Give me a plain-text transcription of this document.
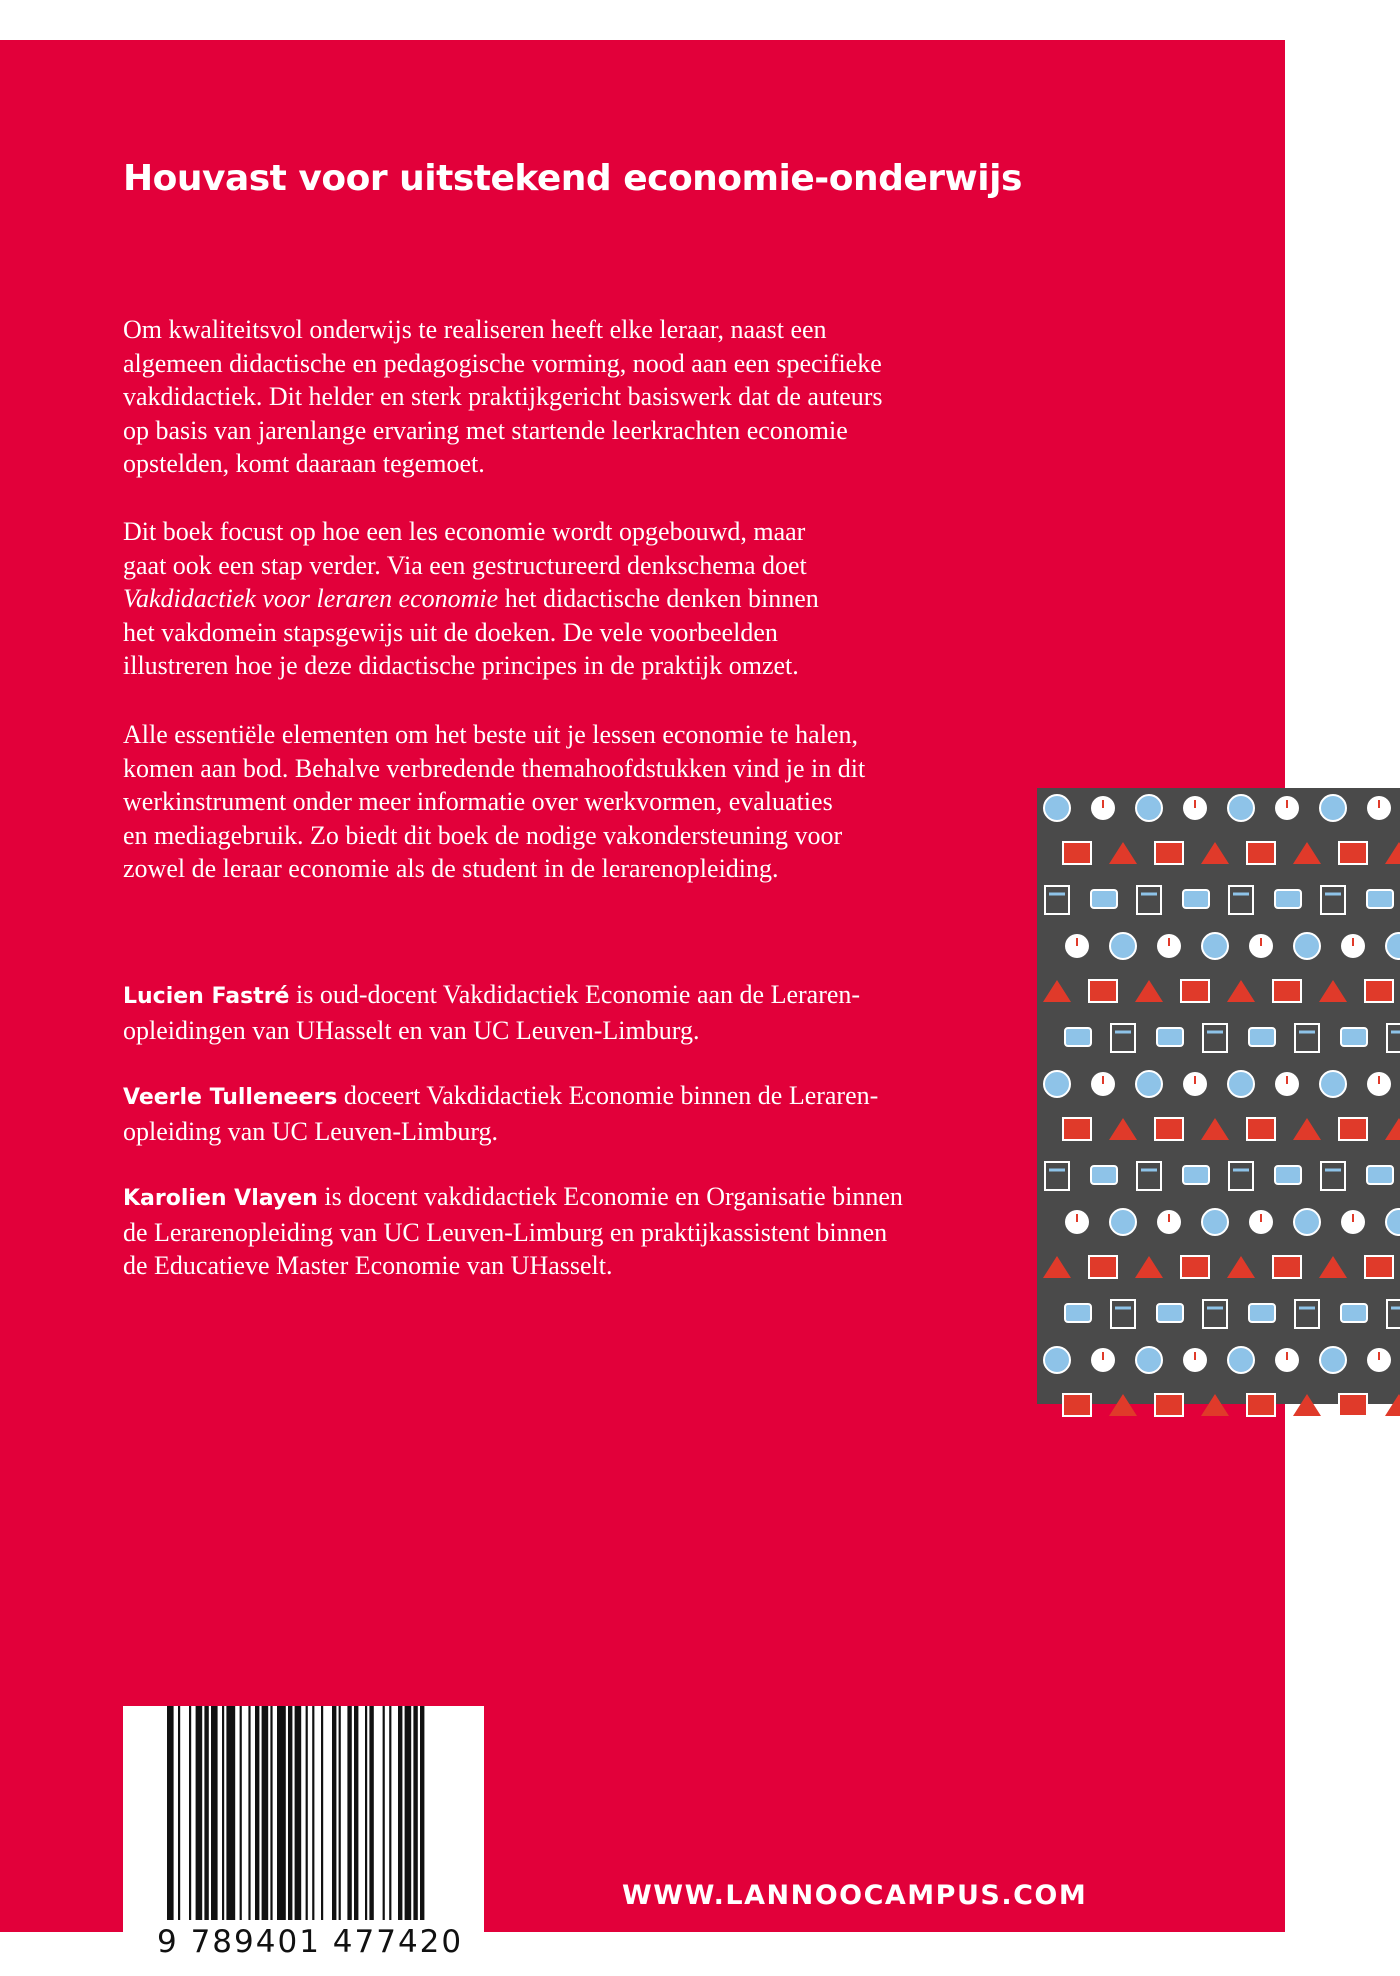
Houvast voor uitstekend economie-onderwijs

Om kwaliteitsvol onderwijs te realiseren heeft elke leraar, naast een
algemeen didactische en pedagogische vorming, nood aan een specifieke
vakdidactiek. Dit helder en sterk praktijkgericht basiswerk dat de auteurs
op basis van jarenlange ervaring met startende leerkrachten economie
opstelden, komt daaraan tegemoet.

Dit boek focust op hoe een les economie wordt opgebouwd, maar
gaat ook een stap verder. Via een gestructureerd denkschema doet
Vakdidactiek voor leraren economie het didactische denken binnen
het vakdomein stapsgewijs uit de doeken. De vele voorbeelden
illustreren hoe je deze didactische principes in de praktijk omzet.

Alle essentiële elementen om het beste uit je lessen economie te halen,
komen aan bod. Behalve verbredende themahoofdstukken vind je in dit
werkinstrument onder meer informatie over werkvormen, evaluaties
en mediagebruik. Zo biedt dit boek de nodige vakondersteuning voor
zowel de leraar economie als de student in de lerarenopleiding.

Lucien Fastré is oud-docent Vakdidactiek Economie aan de Leraren-
opleidingen van UHasselt en van UC Leuven-Limburg.

Veerle Tulleneers doceert Vakdidactiek Economie binnen de Leraren-
opleiding van UC Leuven-Limburg.

Karolien Vlayen is docent vakdidactiek Economie en Organisatie binnen
de Lerarenopleiding van UC Leuven-Limburg en praktijkassistent binnen
de Educatieve Master Economie van UHasselt.

9 789401 477420
WWW.LANNOOCAMPUS.COM
